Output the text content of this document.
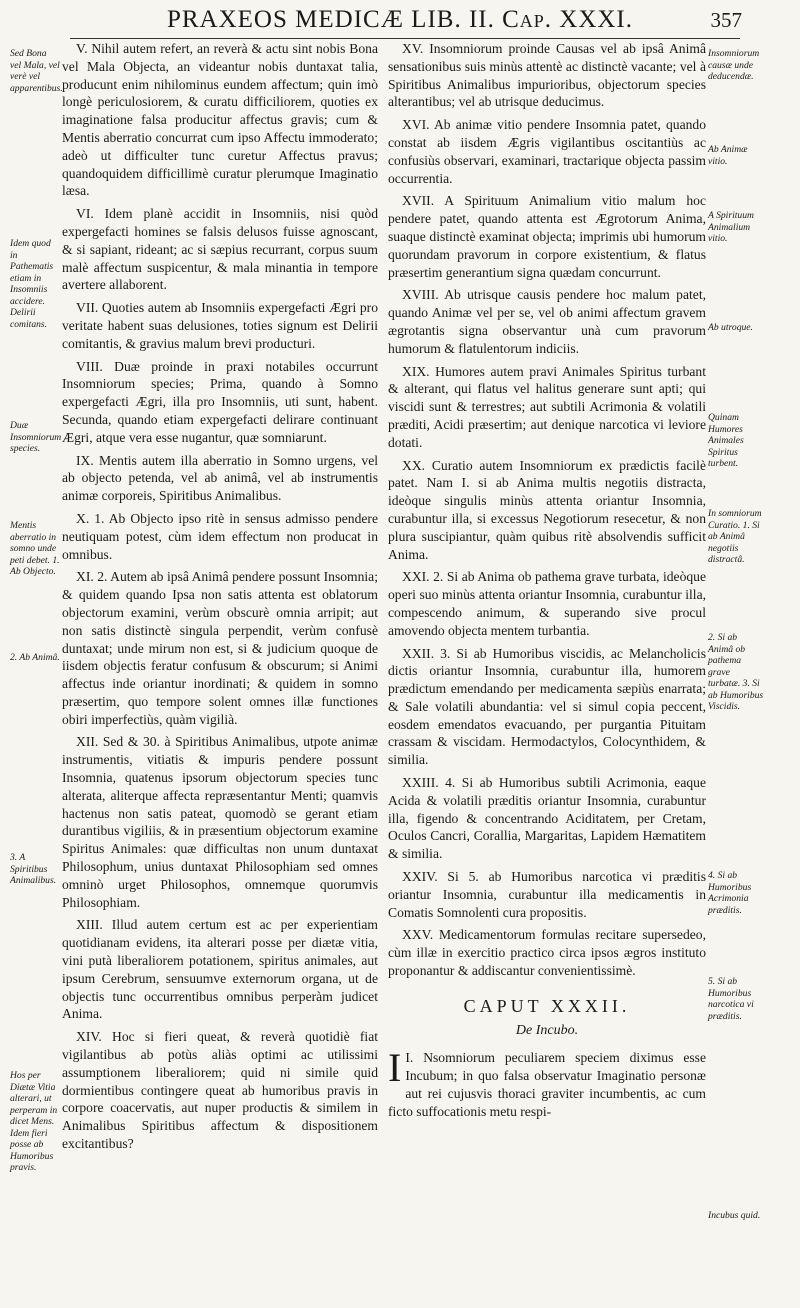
PRAXEOS MEDICÆ LIB. II. Cap. XXXI.	357

V. Nihil autem refert, an reverà & actu sint nobis Bona vel Mala Objecta, an videantur nobis duntaxat talia, producunt enim nihilominus eundem affectum; quin imò longè periculosiorem, & curatu difficiliorem, quoties ex imaginatione falsa producitur affectus gravis; cum & Mentis aberratio concurrat cum ipso Affectu immoderato; adeò ut difficulter tunc curetur Affectus pravus; quandoquidem difficillimè curatur plerumque Imaginatio læsa.

VI. Idem planè accidit in Insomniis, nisi quòd expergefacti homines se falsis delusos fuisse agnoscant, & si sapiant, rideant; ac si sæpius recurrant, corpus suum malè affectum suspicentur, & mala minantia in tempore avertere allaborent.

VII. Quoties autem ab Insomniis expergefacti Ægri pro veritate habent suas delusiones, toties signum est Delirii comitantis, & gravius malum brevi producturi.

VIII. Duæ proinde in praxi notabiles occurrunt Insomniorum species; Prima, quando à Somno expergefacti Ægri, illa pro Insomniis, uti sunt, habent. Secunda, quando etiam expergefacti delirare continuant Ægri, atque vera esse nugantur, quæ somniarunt.

IX. Mentis autem illa aberratio in Somno urgens, vel ab objecto petenda, vel ab animâ, vel ab instrumentis animæ corporeis, Spiritibus Animalibus.

X. 1. Ab Objecto ipso ritè in sensus admisso pendere neutiquam potest, cùm idem effectum non producat in omnibus.

XI. 2. Autem ab ipsâ Animâ pendere possunt Insomnia; & quidem quando Ipsa non satis attenta est oblatorum objectorum examini, verùm obscurè omnia arripit; aut non satis distinctè singula perpendit, verùm confusè duntaxat; unde mirum non est, si & judicium quoque de iisdem objectis feratur confusum & obscurum; si Animi affectus inde oriantur inordinati; & quidem in somno præsertim, quo tempore solent omnes illæ functiones obiri imperfectiùs, quàm vigilià.

XII. Sed & 30. à Spiritibus Animalibus, utpote animæ instrumentis, vitiatis & impuris pendere possunt Insomnia, quatenus ipsorum objectorum species tunc alterata, aliterque affecta repræsentantur Menti; quamvis hactenus non satis pateat, quomodò se gerant etiam durantibus vigiliis, & in præsentium objectorum examine Spiritus Animales: quæ difficultas non unum duntaxat Philosophum, unius duntaxat Philosophiam sed omnes omninò urget Philosophos, omnemque quorumvis Philosophiam.

XIII. Illud autem certum est ac per experientiam quotidianam evidens, ita alterari posse per diætæ vitia, vini putà liberaliorem potationem, spiritus animales, aut ipsum Cerebrum, sensuumve externorum organa, ut de objectis tunc occurrentibus omnibus perperàm judicet Anima.

XIV. Hoc si fieri queat, & reverà quotidiè fiat vigilantibus ab potùs aliàs optimi ac utilissimi assumptionem liberaliorem; quid ni simile quid dormientibus contingere queat ab humoribus pravis in corpore coacervatis, aut nuper productis & similem in Animalibus Spiritibus affectum & dispositionem excitantibus?

XV. Insomniorum proinde Causas vel ab ipsâ Animâ sensationibus suis minùs attentè ac distinctè vacante; vel à Spiritibus Animalibus impurioribus, objectorum species alterantibus; vel ab utrisque deducimus.

XVI. Ab animæ vitio pendere Insomnia patet, quando constat ab iisdem Ægris vigilantibus oscitantiùs ac confusiùs observari, examinari, tractarique objecta passim occurrentia.

XVII. A Spirituum Animalium vitio malum hoc pendere patet, quando attenta est Ægrotorum Anima, suaque distinctè examinat objecta; imprimis ubi humorum quorundam pravorum in corpore existentium, & flatus præsertim generantium signa quædam concurrunt.

XVIII. Ab utrisque causis pendere hoc malum patet, quando Animæ vel per se, vel ob animi affectum gravem ægrotantis signa observantur unà cum pravorum humorum & flatulentorum indiciis.

XIX. Humores autem pravi Animales Spiritus turbant & alterant, qui flatus vel halitus generare sunt apti; qui viscidi sunt & terrestres; aut subtili Acrimonia & volatili præditi, Acidi præsertim; aut denique narcotica vi leviore dotati.

XX. Curatio autem Insomniorum ex prædictis facilè patet. Nam I. si ab Anima multis negotiis distracta, ideòque singulis minùs attenta oriantur Insomnia, curabuntur illa, si excessus Negotiorum resecetur, & non plura suscipiantur, quàm quibus ritè absolvendis sufficit Anima.

XXI. 2. Si ab Anima ob pathema grave turbata, ideòque operi suo minùs attenta oriantur Insomnia, curabuntur illa, compescendo animum, & superando sive procul amovendo objecta mentem turbantia.

XXII. 3. Si ab Humoribus viscidis, ac Melancholicis dictis oriantur Insomnia, curabuntur illa, humorem prædictum emendando per medicamenta sæpiùs enarrata; & Sale volatili abundantia: vel si simul copia peccent, eosdem emendatos evacuando, per purgantia Pituitam crassam & viscidam. Hermodactylos, Colocynthidem, & similia.

XXIII. 4. Si ab Humoribus subtili Acrimonia, eaque Acida & volatili præditis oriantur Insomnia, curabuntur illa, figendo & concentrando Aciditatem, per Cretam, Oculos Cancri, Corallia, Margaritas, Lapidem Hæmatitem & similia.

XXIV. Si 5. ab Humoribus narcotica vi præditis oriantur Insomnia, curabuntur illa medicamentis in Comatis Somnolenti cura propositis.

XXV. Medicamentorum formulas recitare supersedeo, cùm illæ in exercitio practico circa ipsos ægros instituto proponantur & addiscantur convenientissimè.

CAPUT XXXII.
De Incubo.

I.
I Nsomniorum peculiarem speciem diximus esse Incubum; in quo falsa observatur Imaginatio personæ aut rei cujusvis thoraci graviter incumbentis, ac cum ficto suffocationis metu respi-

Sed Bona vel Mala, vel verè vel apparentibus.
Idem quod in Pathematis etiam in Insomniis accidere. Delirii comitans.
Duæ Insomniorum species.
Mentis aberratio in somno unde peti debet. 1. Ab Objecto.
2. Ab Animâ.
3. A Spiritibus Animalibus.
Hos per Diætæ Vitia alterari, ut perperam in dicet Mens. Idem fieri posse ab Humoribus pravis.
Insomniorum causæ unde deducendæ.
Ab Animæ vitio.
A Spirituum Animalium vitio.
Ab utroque.
Quinam Humores Animales Spiritus turbent.
In somniorum Curatio. 1. Si ab Animâ negotiis distractâ.
2. Si ab Animâ ob pathema grave turbatæ. 3. Si ab Humoribus Viscidis.
4. Si ab Humoribus Acrimonia præditis.
5. Si ab Humoribus narcotica vi præditis.
Incubus quid.
